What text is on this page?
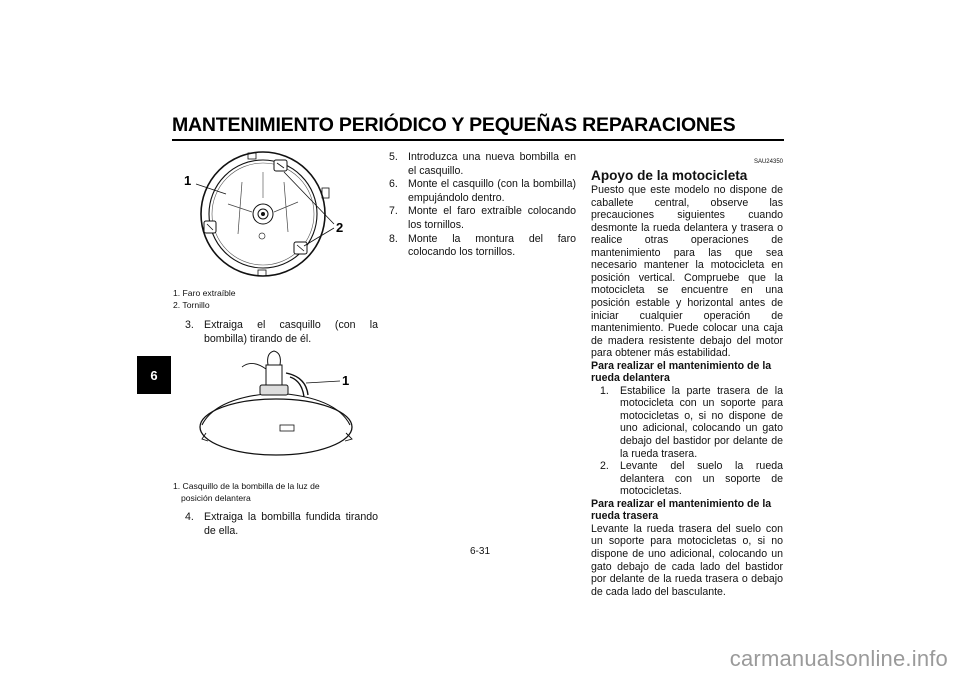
MANTENIMIENTO PERIÓDICO Y PEQUEÑAS REPARACIONES
6
1
2
1. Faro extraíble
2. Tornillo
3. Extraiga el casquillo (con la bombilla) tirando de él.
1
1. Casquillo de la bombilla de la luz de
posición delantera
4. Extraiga la bombilla fundida tirando de ella.
5. Introduzca una nueva bombilla en el casquillo.
6. Monte el casquillo (con la bombilla) empujándolo dentro.
7. Monte el faro extraíble colocando los tornillos.
8. Monte la montura del faro colocando los tornillos.
SAU24350
Apoyo de la motocicleta

Puesto que este modelo no dispone de caballete central, observe las precauciones siguientes cuando desmonte la rueda delantera y trasera o realice otras operaciones de mantenimiento para las que sea necesario mantener la motocicleta en posición vertical. Compruebe que la motocicleta se encuentre en una posición estable y horizontal antes de iniciar cualquier operación de mantenimiento. Puede colocar una caja de madera resistente debajo del motor para obtener más estabilidad.

Para realizar el mantenimiento de la rueda delantera
1. Estabilice la parte trasera de la motocicleta con un soporte para motocicletas o, si no dispone de uno adicional, colocando un gato debajo del bastidor por delante de la rueda trasera.
2. Levante del suelo la rueda delantera con un soporte de motocicletas.
Para realizar el mantenimiento de la rueda trasera

Levante la rueda trasera del suelo con un soporte para motocicletas o, si no dispone de uno adicional, colocando un gato debajo de cada lado del bastidor por delante de la rueda trasera o debajo de cada lado del basculante.

6-31
carmanualsonline.info
